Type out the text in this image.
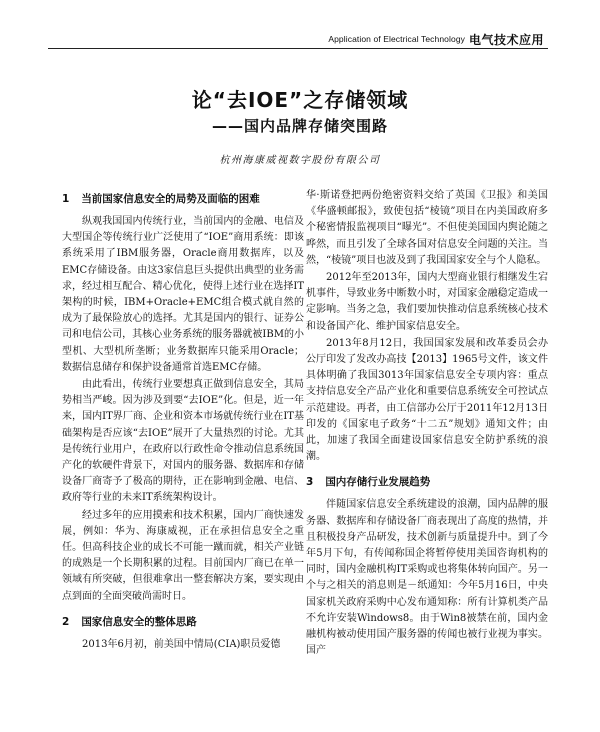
Application of Electrical Technology 电气技术应用
论“去IOE”之存储领域
——国内品牌存储突围路
杭州海康威视数字股份有限公司
1 当前国家信息安全的局势及面临的困难

纵观我国国内传统行业，当前国内的金融、电信及大型国企等传统行业广泛使用了“IOE”商用系统：即该系统采用了IBM服务器，Oracle商用数据库，以及EMC存储设备。由这3家信息巨头提供出典型的业务需求，经过相互配合、精心优化，使得上述行业在选择IT架构的时候，IBM+Oracle+EMC组合模式就自然的成为了最保险放心的选择。尤其是国内的银行、证券公司和电信公司，其核心业务系统的服务器就被IBM的小型机、大型机所垄断；业务数据库只能采用Oracle；数据信息储存和保护设备通常首选EMC存储。

由此看出，传统行业要想真正做到信息安全，其局势相当严峻。因为涉及到要“去IOE”化。但是，近一年来，国内IT界厂商、企业和资本市场就传统行业在IT基础架构是否应该“去IOE”展开了大量热烈的讨论。尤其是传统行业用户，在政府以行政性命令推动信息系统国产化的软硬件背景下，对国内的服务器、数据库和存储设备厂商寄予了极高的期待，正在影响到金融、电信、政府等行业的未来IT系统架构设计。

经过多年的应用摸索和技术积累，国内厂商快速发展，例如：华为、海康威视，正在承担信息安全之重任。但高科技企业的成长不可能一蹴而就，相关产业链的成熟是一个长期积累的过程。目前国内厂商已在单一领域有所突破，但很难拿出一整套解决方案，要实现由点到面的全面突破尚需时日。

2 国家信息安全的整体思路

2013年6月初，前美国中情局(CIA)职员爱德

华·斯诺登把两份绝密资料交给了英国《卫报》和美国《华盛顿邮报》，致使包括“棱镜”项目在内美国政府多个秘密情报监视项目“曝光”。不但使美国国内舆论随之哗然，而且引发了全球各国对信息安全问题的关注。当然，“棱镜”项目也波及到了我国国家安全与个人隐私。

2012年至2013年，国内大型商业银行相继发生宕机事件，导致业务中断数小时，对国家金融稳定造成一定影响。当务之急，我们要加快推动信息系统核心技术和设备国产化、维护国家信息安全。

2013年8月12日，我国国家发展和改革委员会办公厅印发了发改办高技【2013】1965号文件，该文件具体明确了我国3013年国家信息安全专项内容：重点支持信息安全产品产业化和重要信息系统安全可控试点示范建设。再者，由工信部办公厅于2011年12月13日印发的《国家电子政务“十二五”规划》通知文件；由此，加速了我国全面建设国家信息安全防护系统的浪潮。

3 国内存储行业发展趋势

伴随国家信息安全系统建设的浪潮，国内品牌的服务器、数据库和存储设备厂商表现出了高度的热情，并且积极投身产品研发，技术创新与质量提升中。到了今年5月下旬，有传闻称国企将暂停使用美国咨询机构的同时，国内金融机构IT采购或也将集体转向国产。另一个与之相关的消息则是－纸通知：今年5月16日，中央国家机关政府采购中心发布通知称：所有计算机类产品不允许安装Windows8。由于Win8被禁在前，国内金融机构被动使用国产服务器的传闻也被行业视为事实。国产
